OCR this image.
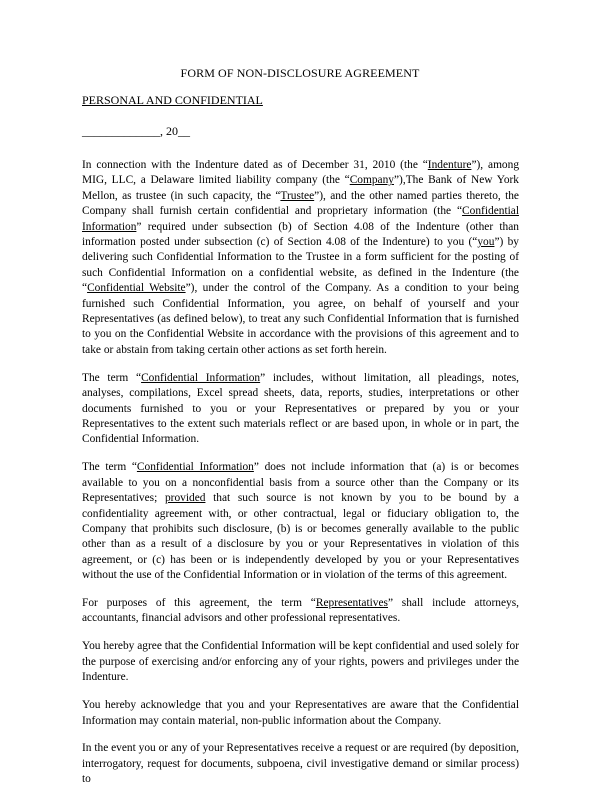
FORM OF NON-DISCLOSURE AGREEMENT
PERSONAL AND CONFIDENTIAL
_____________, 20__

In connection with the Indenture dated as of December 31, 2010 (the “Indenture”), among MIG, LLC, a Delaware limited liability company (the “Company”),The Bank of New York Mellon, as trustee (in such capacity, the “Trustee”), and the other named parties thereto, the Company shall furnish certain confidential and proprietary information (the “Confidential Information” required under subsection (b) of Section 4.08 of the Indenture (other than information posted under subsection (c) of Section 4.08 of the Indenture) to you (“you”) by delivering such Confidential Information to the Trustee in a form sufficient for the posting of such Confidential Information on a confidential website, as defined in the Indenture (the “Confidential Website”), under the control of the Company. As a condition to your being furnished such Confidential Information, you agree, on behalf of yourself and your Representatives (as defined below), to treat any such Confidential Information that is furnished to you on the Confidential Website in accordance with the provisions of this agreement and to take or abstain from taking certain other actions as set forth herein.

The term “Confidential Information” includes, without limitation, all pleadings, notes, analyses, compilations, Excel spread sheets, data, reports, studies, interpretations or other documents furnished to you or your Representatives or prepared by you or your Representatives to the extent such materials reflect or are based upon, in whole or in part, the Confidential Information.

The term “Confidential Information” does not include information that (a) is or becomes available to you on a nonconfidential basis from a source other than the Company or its Representatives; provided that such source is not known by you to be bound by a confidentiality agreement with, or other contractual, legal or fiduciary obligation to, the Company that prohibits such disclosure, (b) is or becomes generally available to the public other than as a result of a disclosure by you or your Representatives in violation of this agreement, or (c) has been or is independently developed by you or your Representatives without the use of the Confidential Information or in violation of the terms of this agreement.

For purposes of this agreement, the term “Representatives” shall include attorneys, accountants, financial advisors and other professional representatives.

You hereby agree that the Confidential Information will be kept confidential and used solely for the purpose of exercising and/or enforcing any of your rights, powers and privileges under the Indenture.

You hereby acknowledge that you and your Representatives are aware that the Confidential Information may contain material, non-public information about the Company.

In the event you or any of your Representatives receive a request or are required (by deposition, interrogatory, request for documents, subpoena, civil investigative demand or similar process) to
